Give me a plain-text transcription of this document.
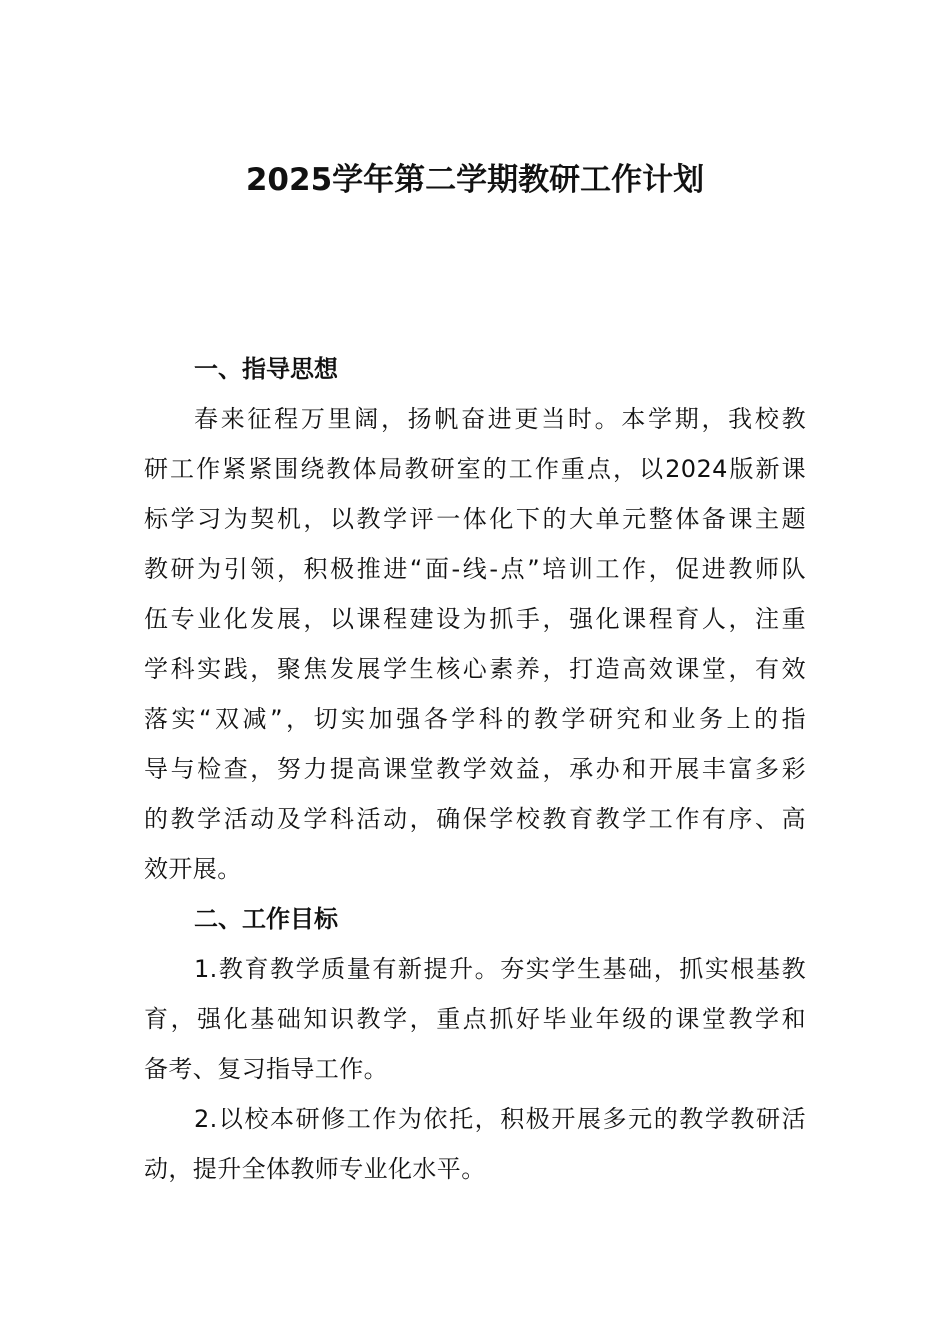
2025学年第二学期教研工作计划
一、指导思想
春来征程万里阔，扬帆奋进更当时。本学期，我校教
研工作紧紧围绕教体局教研室的工作重点，以2024版新课
标学习为契机，以教学评一体化下的大单元整体备课主题
教研为引领，积极推进“面-线-点”培训工作，促进教师队
伍专业化发展，以课程建设为抓手，强化课程育人，注重
学科实践，聚焦发展学生核心素养，打造高效课堂，有效
落实“双减”，切实加强各学科的教学研究和业务上的指
导与检查，努力提高课堂教学效益，承办和开展丰富多彩
的教学活动及学科活动，确保学校教育教学工作有序、高
效开展。
二、工作目标
1.教育教学质量有新提升。夯实学生基础，抓实根基教
育，强化基础知识教学，重点抓好毕业年级的课堂教学和
备考、复习指导工作。
2.以校本研修工作为依托，积极开展多元的教学教研活
动，提升全体教师专业化水平。
